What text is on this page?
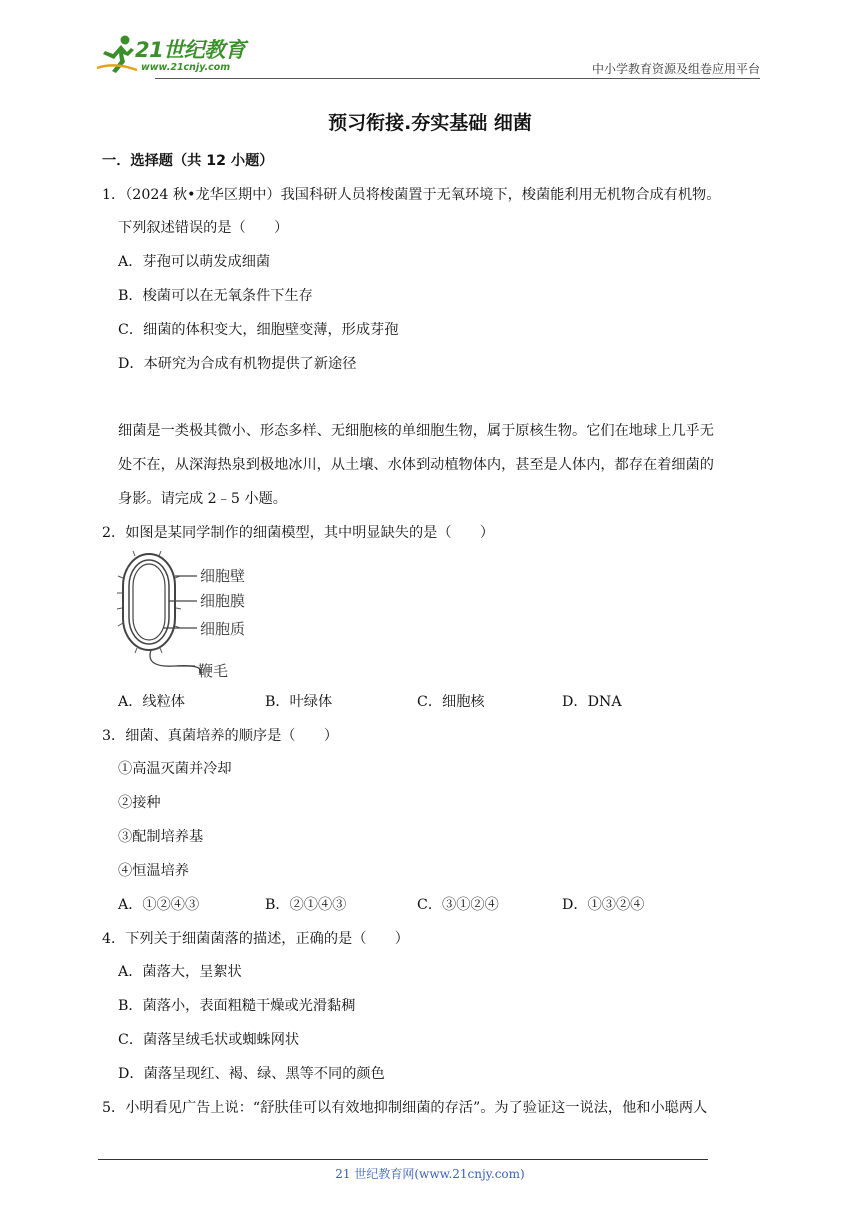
21世纪教育
www.21cnjy.com	中小学教育资源及组卷应用平台
预习衔接.夯实基础 细菌
一．选择题（共 12 小题）
1．（2024 秋•龙华区期中）我国科研人员将梭菌置于无氧环境下，梭菌能利用无机物合成有机物。
下列叙述错误的是（　　）
A．芽孢可以萌发成细菌
B．梭菌可以在无氧条件下生存
C．细菌的体积变大，细胞壁变薄，形成芽孢
D．本研究为合成有机物提供了新途径
细菌是一类极其微小、形态多样、无细胞核的单细胞生物，属于原核生物。它们在地球上几乎无
处不在，从深海热泉到极地冰川，从土壤、水体到动植物体内，甚至是人体内，都存在着细菌的
身影。请完成 2﹣5 小题。
2．如图是某同学制作的细菌模型，其中明显缺失的是（　　）
细胞壁
细胞膜
细胞质
鞭毛
A．线粒体	B．叶绿体	C．细胞核	D．DNA
3．细菌、真菌培养的顺序是（　　）
①高温灭菌并冷却
②接种
③配制培养基
④恒温培养
A．①②④③	B．②①④③	C．③①②④	D．①③②④
4．下列关于细菌菌落的描述，正确的是（　　）
A．菌落大，呈絮状
B．菌落小，表面粗糙干燥或光滑黏稠
C．菌落呈绒毛状或蜘蛛网状
D．菌落呈现红、褐、绿、黑等不同的颜色
5．小明看见广告上说：“舒肤佳可以有效地抑制细菌的存活”。为了验证这一说法，他和小聪两人
21 世纪教育网(www.21cnjy.com)
